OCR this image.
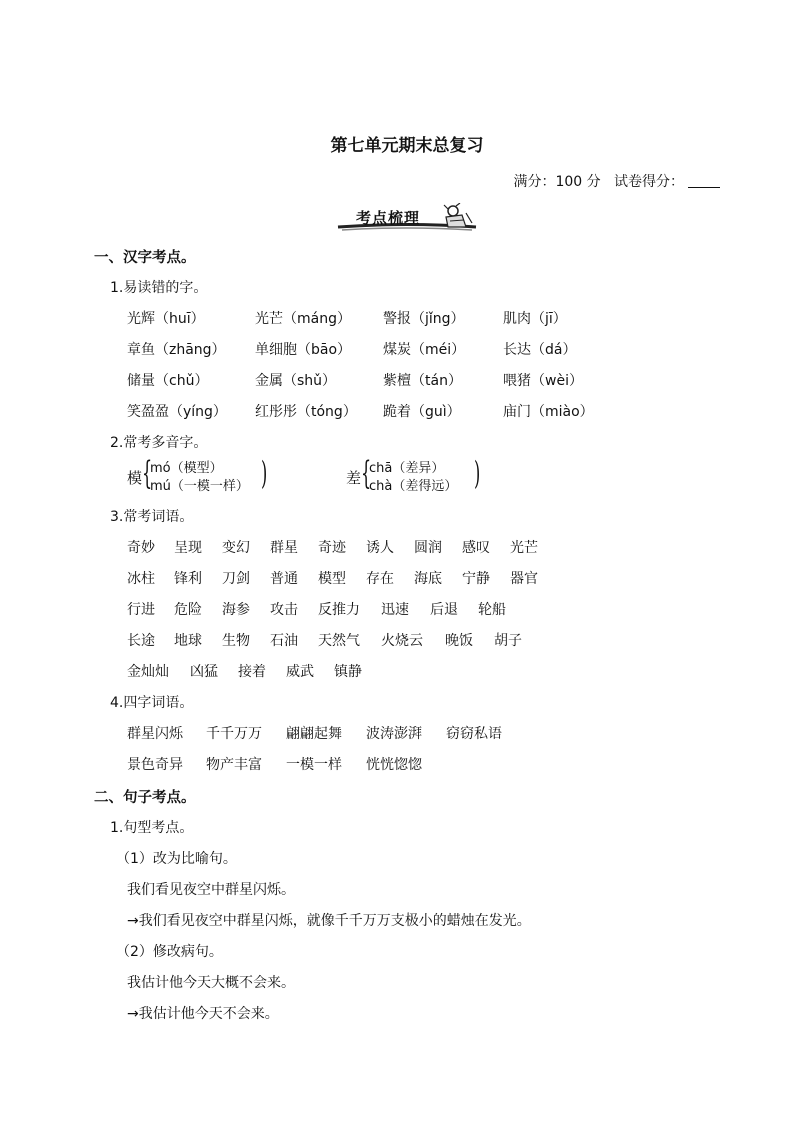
第七单元期末总复习
满分：100 分 试卷得分：
考点梳理
一、汉字考点。
1.易读错的字。
光辉（huī）	光芒（máng） 警报（jǐng）	肌肉（jī）
章鱼（zhāng） 单细胞（bāo） 煤炭（méi）	长达（dá）
储量（chǔ）	金属（shǔ）	紫檀（tán）	喂猪（wèi）
笑盈盈（yíng） 红彤彤（tóng） 跪着（guì）	庙门（miào）
2.常考多音字。
模 {
mó（模型）
mú（一模一样） )	差 {
chā（差异）
chà（差得远） )
3.常考词语。
奇妙 呈现 变幻 群星 奇迹 诱人 圆润 感叹 光芒
冰柱 锋利 刀剑 普通 模型 存在 海底 宁静 器官
行进 危险 海参 攻击 反推力 迅速 后退 轮船
长途 地球 生物 石油 天然气 火烧云 晚饭 胡子
金灿灿 凶猛 接着 威武 镇静
4.四字词语。
群星闪烁 千千万万 翩翩起舞 波涛澎湃 窃窃私语
景色奇异 物产丰富 一模一样 恍恍惚惚
二、句子考点。
1.句型考点。
（1）改为比喻句。
我们看见夜空中群星闪烁。
→我们看见夜空中群星闪烁，就像千千万万支极小的蜡烛在发光。
（2）修改病句。
我估计他今天大概不会来。
→我估计他今天不会来。
